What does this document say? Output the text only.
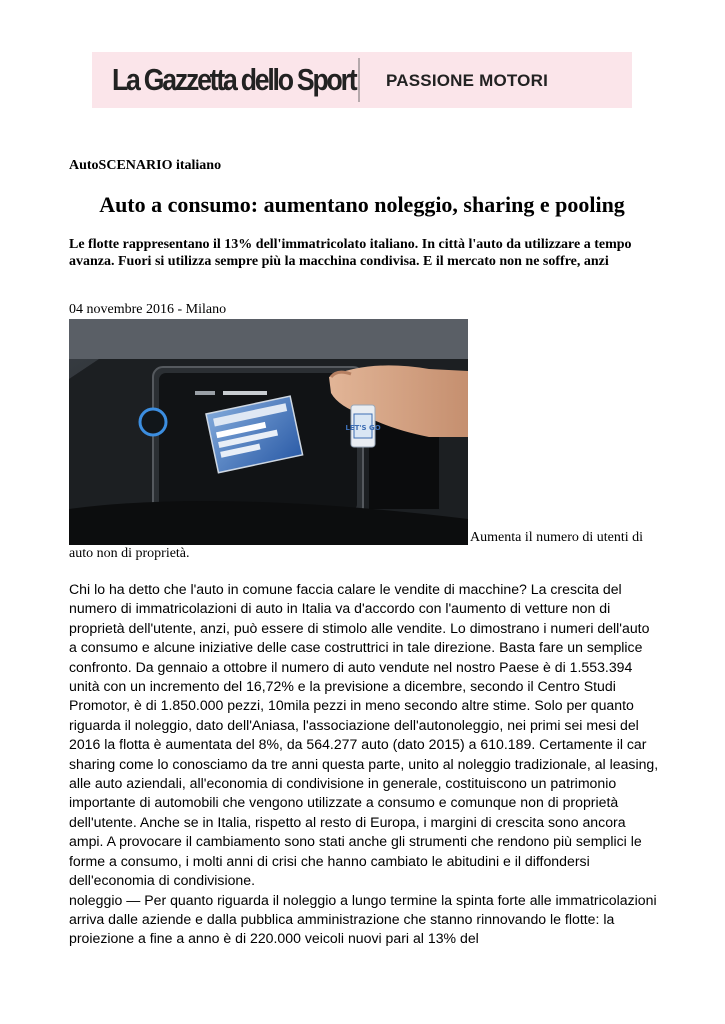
La Gazzetta dello Sport PASSIONE MOTORI
AutoSCENARIO italiano
Auto a consumo: aumentano noleggio, sharing e pooling

Le flotte rappresentano il 13% dell'immatricolato italiano. In città l'auto da utilizzare a tempo avanza. Fuori si utilizza sempre più la macchina condivisa. E il mercato non ne soffre, anzi

04 novembre 2016 - Milano
LET'S GO
Aumenta il numero di utenti di
auto non di proprietà.

Chi lo ha detto che l'auto in comune faccia calare le vendite di macchine? La crescita del numero di immatricolazioni di auto in Italia va d'accordo con l'aumento di vetture non di proprietà dell'utente, anzi, può essere di stimolo alle vendite. Lo dimostrano i numeri dell'auto a consumo e alcune iniziative delle case costruttrici in tale direzione. Basta fare un semplice confronto. Da gennaio a ottobre il numero di auto vendute nel nostro Paese è di 1.553.394 unità con un incremento del 16,72% e la previsione a dicembre, secondo il Centro Studi Promotor, è di 1.850.000 pezzi, 10mila pezzi in meno secondo altre stime. Solo per quanto riguarda il noleggio, dato dell'Aniasa, l'associazione dell'autonoleggio, nei primi sei mesi del 2016 la flotta è aumentata del 8%, da 564.277 auto (dato 2015) a 610.189. Certamente il car sharing come lo conosciamo da tre anni questa parte, unito al noleggio tradizionale, al leasing, alle auto aziendali, all'economia di condivisione in generale, costituiscono un patrimonio importante di automobili che vengono utilizzate a consumo e comunque non di proprietà dell'utente. Anche se in Italia, rispetto al resto di Europa, i margini di crescita sono ancora ampi. A provocare il cambiamento sono stati anche gli strumenti che rendono più semplici le forme a consumo, i molti anni di crisi che hanno cambiato le abitudini e il diffondersi dell'economia di condivisione.

noleggio — Per quanto riguarda il noleggio a lungo termine la spinta forte alle immatricolazioni arriva dalle aziende e dalla pubblica amministrazione che stanno rinnovando le flotte: la proiezione a fine a anno è di 220.000 veicoli nuovi pari al 13% del
